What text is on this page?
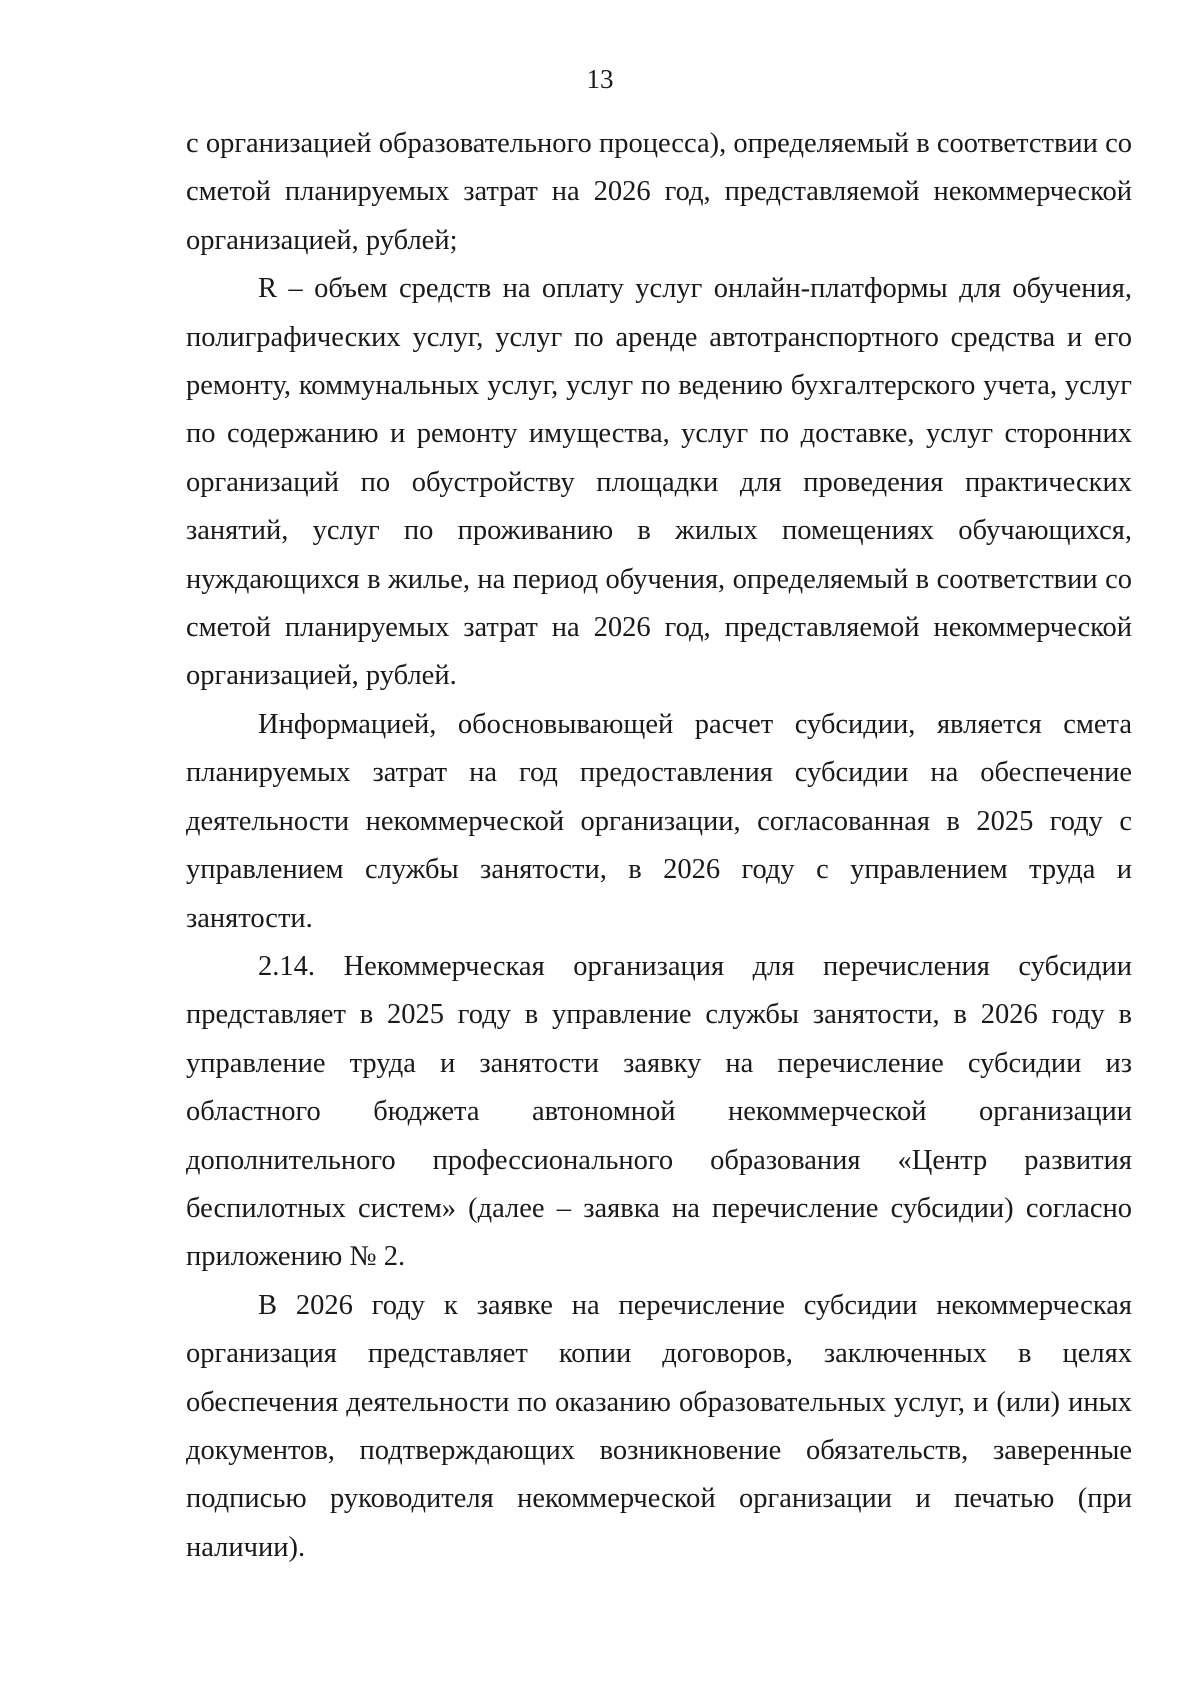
13

с организацией образовательного процесса), определяемый в соответствии со сметой планируемых затрат на 2026 год, представляемой некоммерческой организацией, рублей;

R – объем средств на оплату услуг онлайн-платформы для обучения, полиграфических услуг, услуг по аренде автотранспортного средства и его ремонту, коммунальных услуг, услуг по ведению бухгалтерского учета, услуг по содержанию и ремонту имущества, услуг по доставке, услуг сторонних организаций по обустройству площадки для проведения практических занятий, услуг по проживанию в жилых помещениях обучающихся, нуждающихся в жилье, на период обучения, определяемый в соответствии со сметой планируемых затрат на 2026 год, представляемой некоммерческой организацией, рублей.

Информацией, обосновывающей расчет субсидии, является смета планируемых затрат на год предоставления субсидии на обеспечение деятельности некоммерческой организации, согласованная в 2025 году с управлением службы занятости, в 2026 году с управлением труда и занятости.

2.14. Некоммерческая организация для перечисления субсидии представляет в 2025 году в управление службы занятости, в 2026 году в управление труда и занятости заявку на перечисление субсидии из областного бюджета автономной некоммерческой организации дополнительного профессионального образования «Центр развития беспилотных систем» (далее – заявка на перечисление субсидии) согласно приложению № 2.

В 2026 году к заявке на перечисление субсидии некоммерческая организация представляет копии договоров, заключенных в целях обеспечения деятельности по оказанию образовательных услуг, и (или) иных документов, подтверждающих возникновение обязательств, заверенные подписью руководителя некоммерческой организации и печатью (при наличии).
